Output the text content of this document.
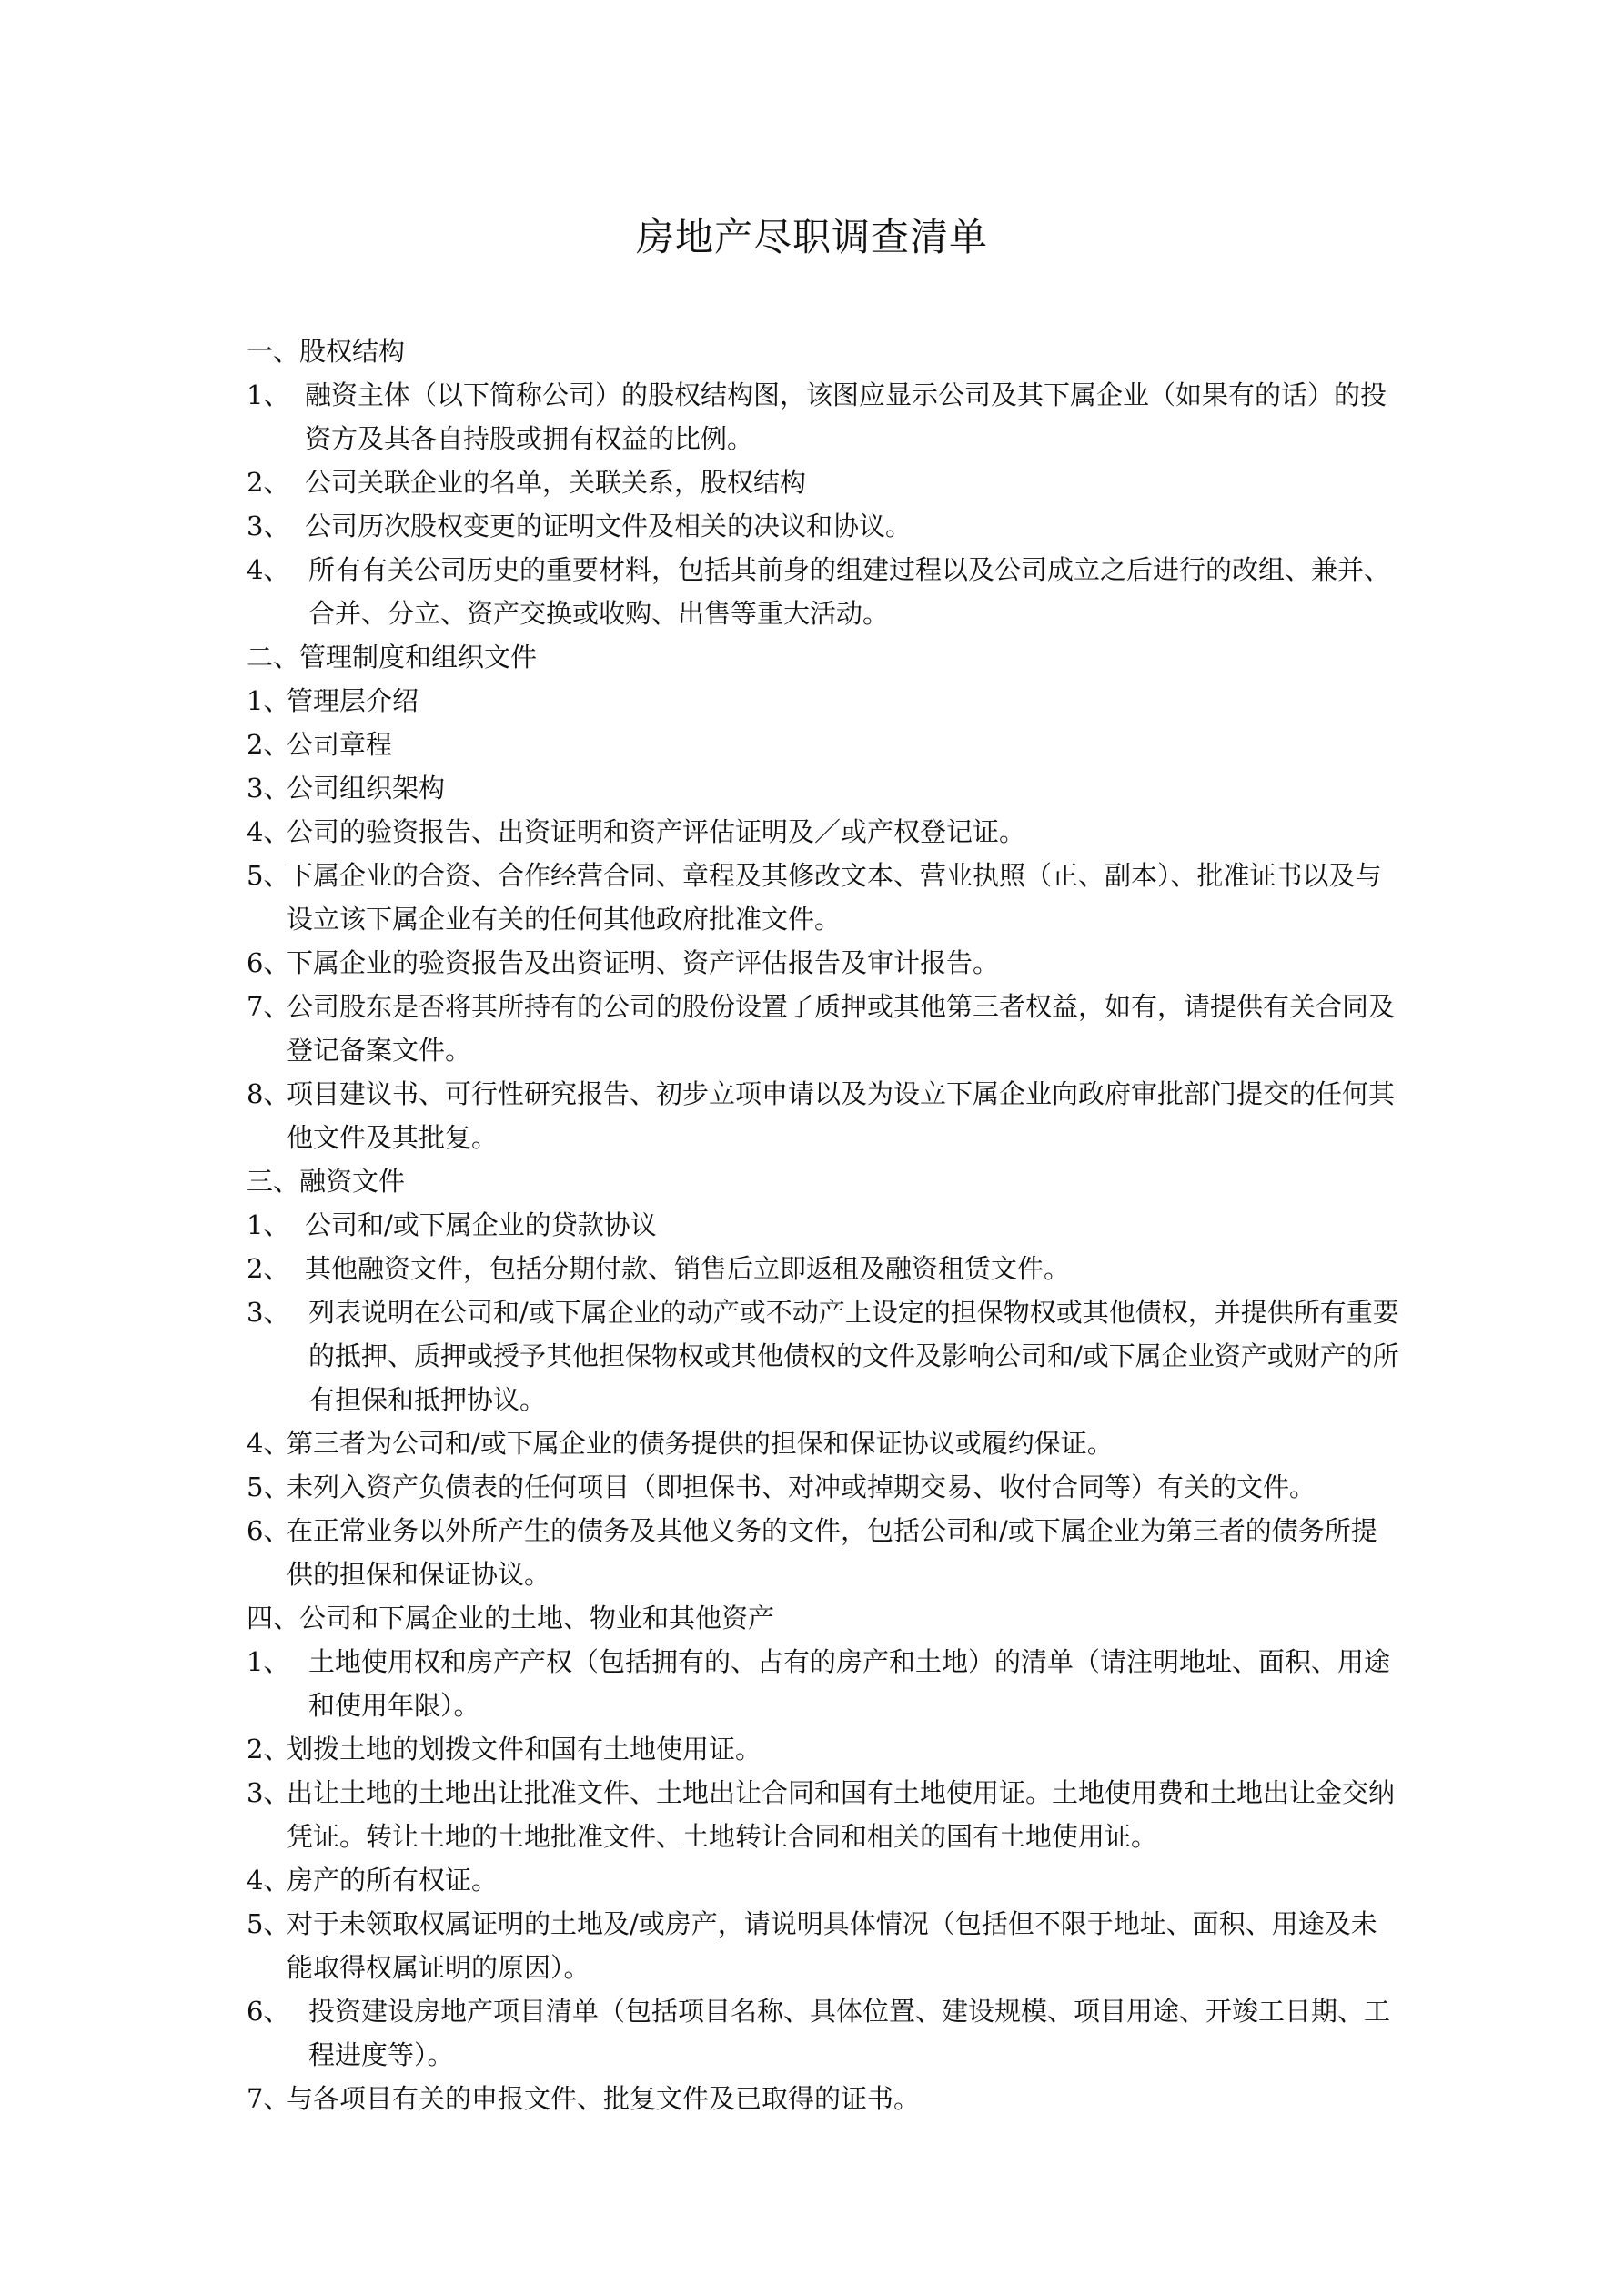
房地产尽职调查清单

一、股权结构

1、 融资主体（以下简称公司）的股权结构图，该图应显示公司及其下属企业（如果有的话）的投资方及其各自持股或拥有权益的比例。
2、 公司关联企业的名单，关联关系，股权结构
3、 公司历次股权变更的证明文件及相关的决议和协议。
4、 所有有关公司历史的重要材料，包括其前身的组建过程以及公司成立之后进行的改组、兼并、合并、分立、资产交换或收购、出售等重大活动。

二、管理制度和组织文件

1、
管理层介绍
2、
公司章程
3、
公司组织架构
4、
公司的验资报告、出资证明和资产评估证明及／或产权登记证。
5、
下属企业的合资、合作经营合同、章程及其修改文本、营业执照（正、副本）、批准证书以及与设立该下属企业有关的任何其他政府批准文件。
6、
下属企业的验资报告及出资证明、资产评估报告及审计报告。
7、
公司股东是否将其所持有的公司的股份设置了质押或其他第三者权益，如有，请提供有关合同及登记备案文件。
8、
项目建议书、可行性研究报告、初步立项申请以及为设立下属企业向政府审批部门提交的任何其他文件及其批复。

三、融资文件

1、 公司和/或下属企业的贷款协议
2、 其他融资文件，包括分期付款、销售后立即返租及融资租赁文件。
3、 列表说明在公司和/或下属企业的动产或不动产上设定的担保物权或其他债权，并提供所有重要的抵押、质押或授予其他担保物权或其他债权的文件及影响公司和/或下属企业资产或财产的所有担保和抵押协议。
4、
第三者为公司和/或下属企业的债务提供的担保和保证协议或履约保证。
5、
未列入资产负债表的任何项目（即担保书、对冲或掉期交易、收付合同等）有关的文件。
6、
在正常业务以外所产生的债务及其他义务的文件，包括公司和/或下属企业为第三者的债务所提供的担保和保证协议。

四、公司和下属企业的土地、物业和其他资产

1、 土地使用权和房产产权（包括拥有的、占有的房产和土地）的清单（请注明地址、面积、用途和使用年限）。
2、
划拨土地的划拨文件和国有土地使用证。
3、
出让土地的土地出让批准文件、土地出让合同和国有土地使用证。土地使用费和土地出让金交纳凭证。转让土地的土地批准文件、土地转让合同和相关的国有土地使用证。
4、
房产的所有权证。
5、
对于未领取权属证明的土地及/或房产，请说明具体情况（包括但不限于地址、面积、用途及未能取得权属证明的原因）。
6、 投资建设房地产项目清单（包括项目名称、具体位置、建设规模、项目用途、开竣工日期、工程进度等）。
7、
与各项目有关的申报文件、批复文件及已取得的证书。
